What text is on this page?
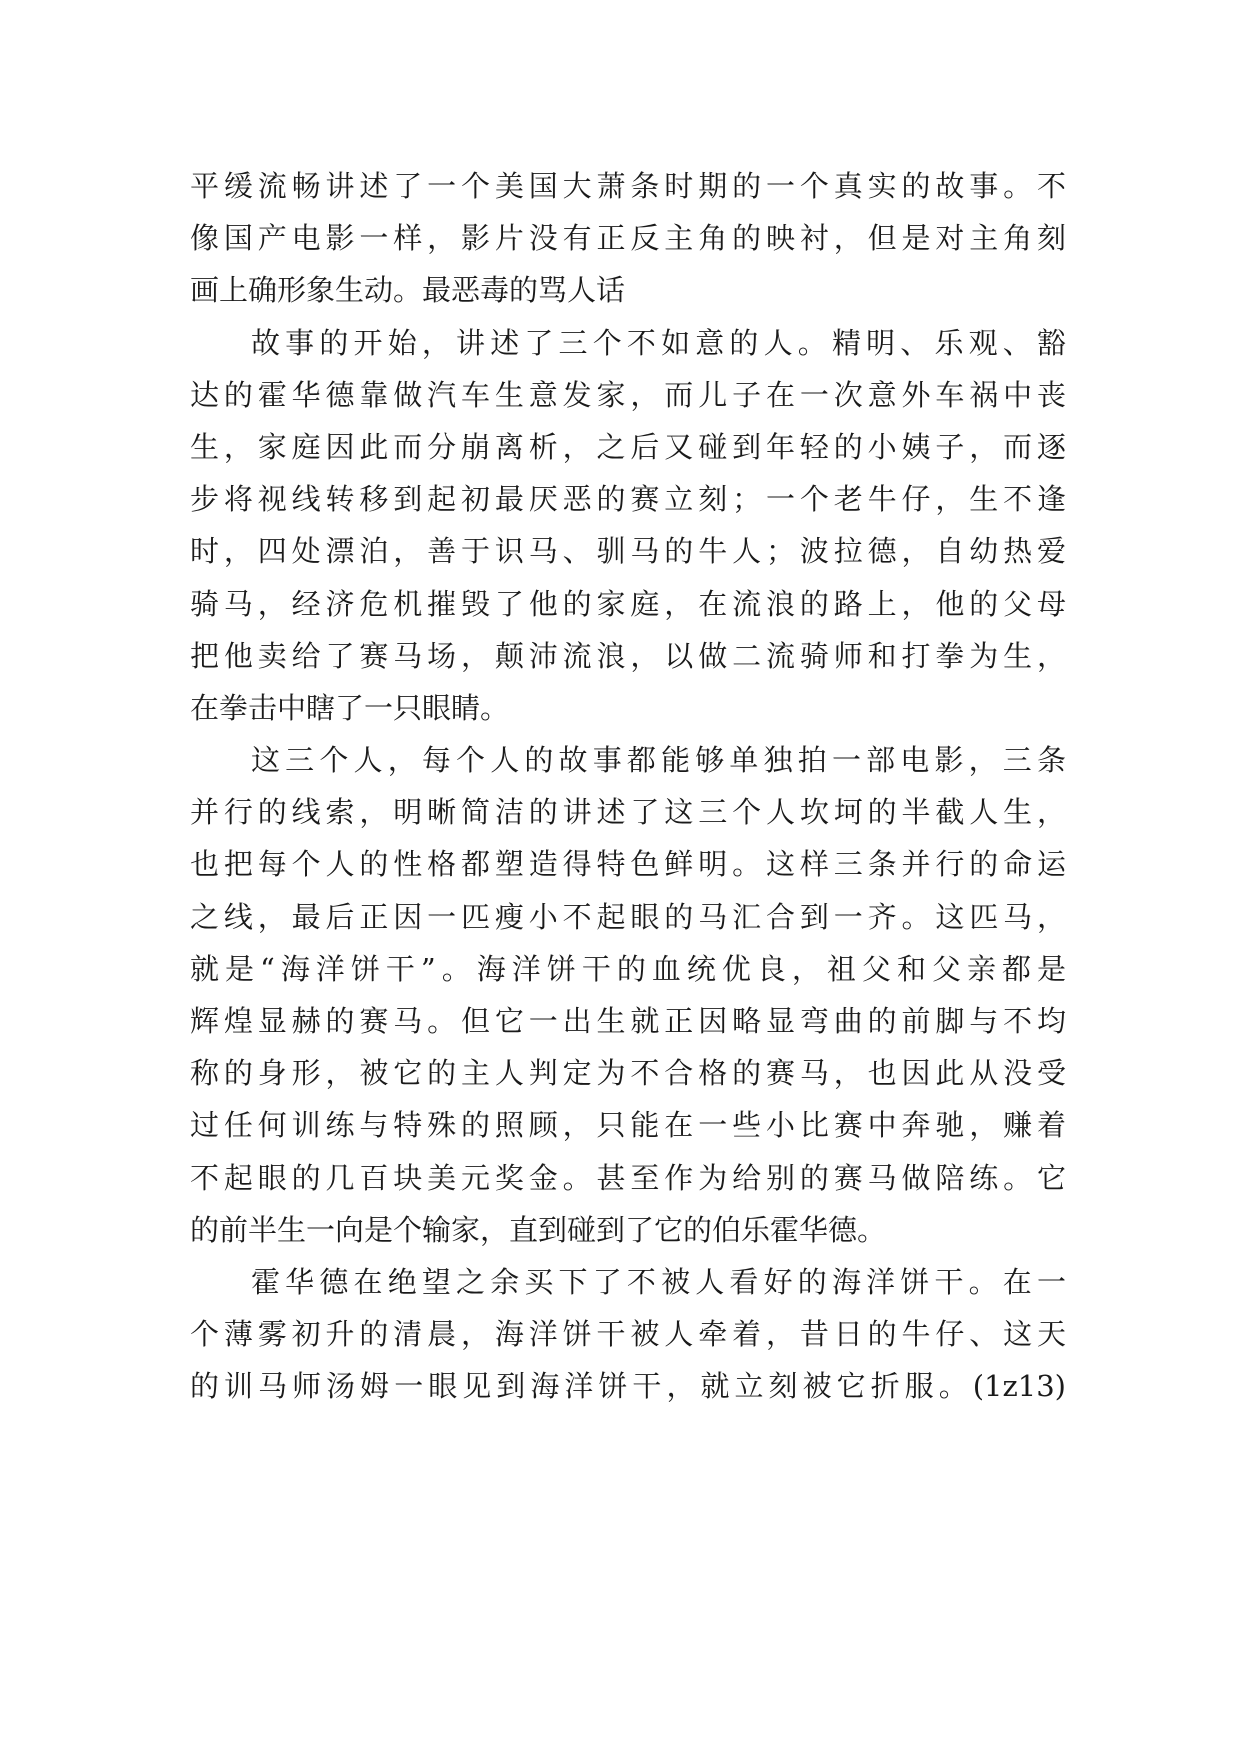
平缓流畅讲述了一个美国大萧条时期的一个真实的故事。不
像国产电影一样，影片没有正反主角的映衬，但是对主角刻
画上确形象生动。最恶毒的骂人话
故事的开始，讲述了三个不如意的人。精明、乐观、豁
达的霍华德靠做汽车生意发家，而儿子在一次意外车祸中丧
生，家庭因此而分崩离析，之后又碰到年轻的小姨子，而逐
步将视线转移到起初最厌恶的赛立刻；一个老牛仔，生不逢
时，四处漂泊，善于识马、驯马的牛人；波拉德，自幼热爱
骑马，经济危机摧毁了他的家庭，在流浪的路上，他的父母
把他卖给了赛马场，颠沛流浪，以做二流骑师和打拳为生，
在拳击中瞎了一只眼睛。
这三个人，每个人的故事都能够单独拍一部电影，三条
并行的线索，明晰简洁的讲述了这三个人坎坷的半截人生，
也把每个人的性格都塑造得特色鲜明。这样三条并行的命运
之线，最后正因一匹瘦小不起眼的马汇合到一齐。这匹马，
就是“海洋饼干”。海洋饼干的血统优良，祖父和父亲都是
辉煌显赫的赛马。但它一出生就正因略显弯曲的前脚与不均
称的身形，被它的主人判定为不合格的赛马，也因此从没受
过任何训练与特殊的照顾，只能在一些小比赛中奔驰，赚着
不起眼的几百块美元奖金。甚至作为给别的赛马做陪练。它
的前半生一向是个输家，直到碰到了它的伯乐霍华德。
霍华德在绝望之余买下了不被人看好的海洋饼干。在一
个薄雾初升的清晨，海洋饼干被人牵着，昔日的牛仔、这天
的训马师汤姆一眼见到海洋饼干，就立刻被它折服。(1z13)
